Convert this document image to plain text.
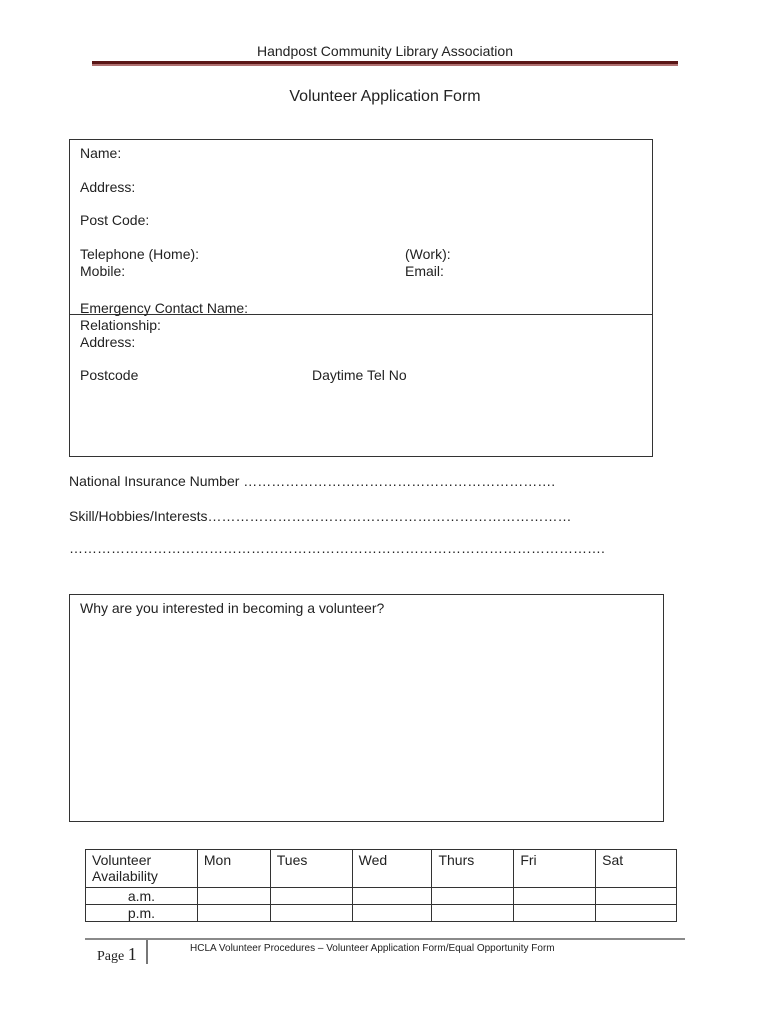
Handpost Community Library Association
Volunteer Application Form
Name:
Address:
Post Code:
Telephone (Home):	(Work):
Mobile:	Email:
Emergency Contact Name:
Relationship:
Address:
Postcode	Daytime Tel No
National Insurance Number ………………………………………………………….
Skill/Hobbies/Interests……………………………………………………………………
…………………………………………………………………………………………………….
Why are you interested in becoming a volunteer?
Volunteer
Availability	Mon	Tues	Wed	Thurs	Fri	Sat
a.m.						
p.m.						
Page 1	HCLA Volunteer Procedures – Volunteer Application Form/Equal Opportunity Form
